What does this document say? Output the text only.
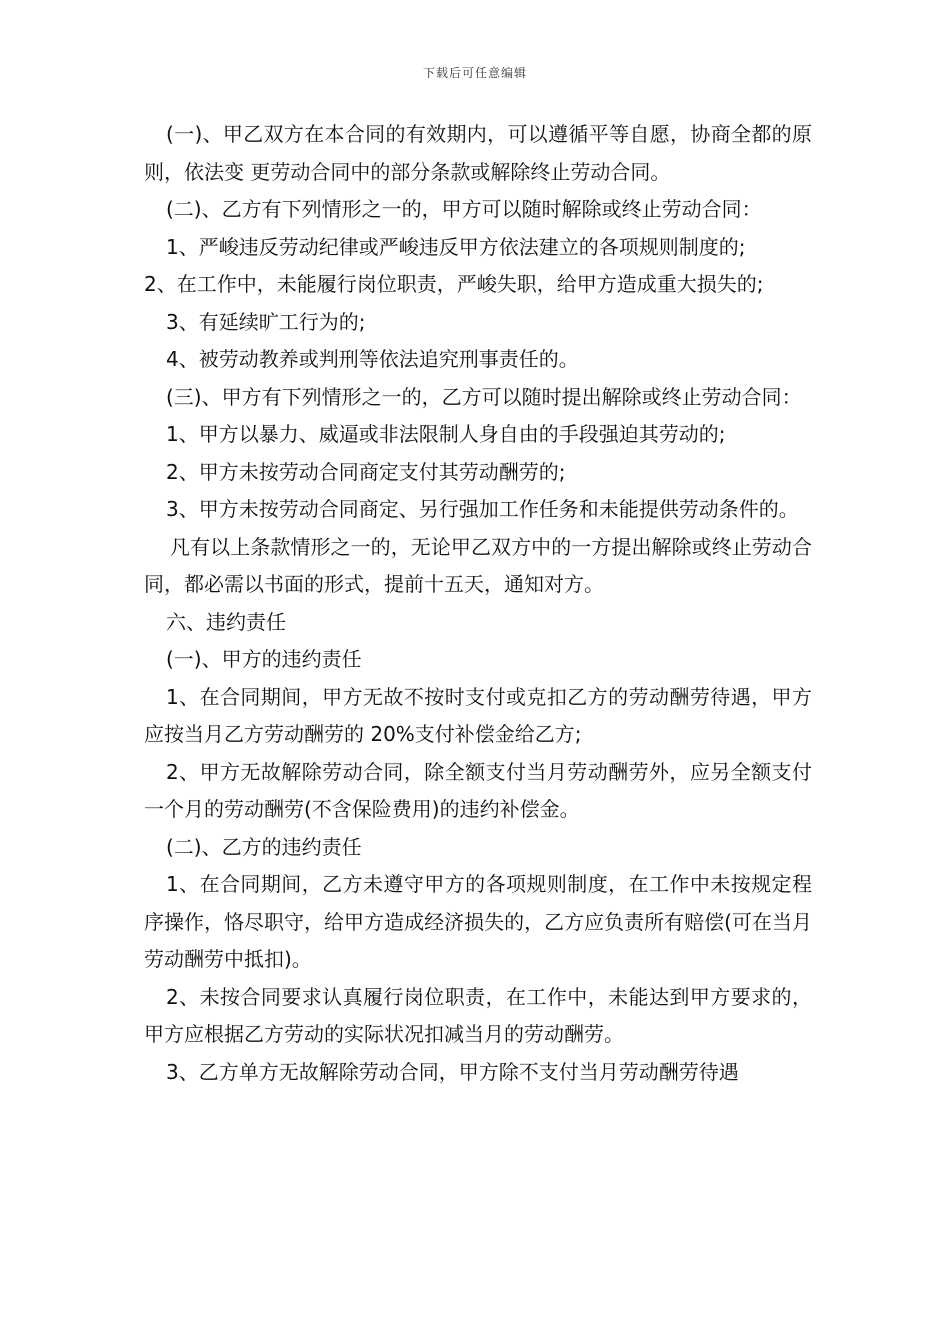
下载后可任意编辑

(一)、甲乙双方在本合同的有效期内，可以遵循平等自愿，协商全都的原则，依法变 更劳动合同中的部分条款或解除终止劳动合同。

(二)、乙方有下列情形之一的，甲方可以随时解除或终止劳动合同：

1、严峻违反劳动纪律或严峻违反甲方依法建立的各项规则制度的;

2、在工作中，未能履行岗位职责，严峻失职，给甲方造成重大损失的;

3、有延续旷工行为的;

4、被劳动教养或判刑等依法追究刑事责任的。

(三)、甲方有下列情形之一的，乙方可以随时提出解除或终止劳动合同：

1、甲方以暴力、威逼或非法限制人身自由的手段强迫其劳动的;

2、甲方未按劳动合同商定支付其劳动酬劳的;

3、甲方未按劳动合同商定、另行强加工作任务和未能提供劳动条件的。

凡有以上条款情形之一的，无论甲乙双方中的一方提出解除或终止劳动合同，都必需以书面的形式，提前十五天，通知对方。

六、违约责任

(一)、甲方的违约责任

1、在合同期间，甲方无故不按时支付或克扣乙方的劳动酬劳待遇，甲方应按当月乙方劳动酬劳的 20%支付补偿金给乙方;

2、甲方无故解除劳动合同，除全额支付当月劳动酬劳外，应另全额支付一个月的劳动酬劳(不含保险费用)的违约补偿金。

(二)、乙方的违约责任

1、在合同期间，乙方未遵守甲方的各项规则制度，在工作中未按规定程序操作，恪尽职守，给甲方造成经济损失的，乙方应负责所有赔偿(可在当月劳动酬劳中抵扣)。

2、未按合同要求认真履行岗位职责，在工作中，未能达到甲方要求的，甲方应根据乙方劳动的实际状况扣减当月的劳动酬劳。

3、乙方单方无故解除劳动合同，甲方除不支付当月劳动酬劳待遇
